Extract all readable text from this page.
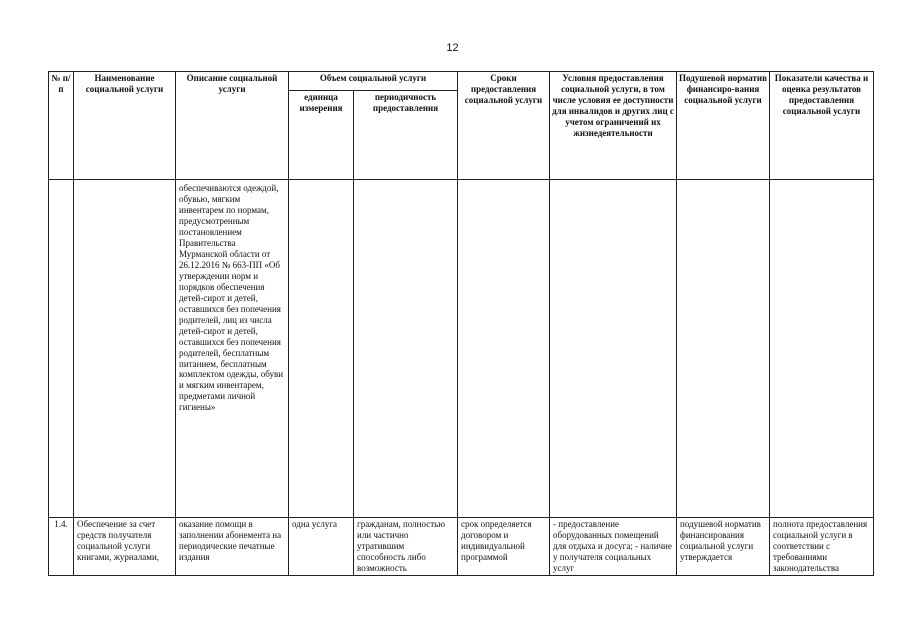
12
№ п/п	Наименование социальной услуги	Описание социальной услуги	Объем социальной услуги		Сроки предоставления социальной услуги	Условия предоставления социальной услуги, в том числе условия ее доступности для инвалидов и других лиц с учетом ограничений их жизнедеятельности	Подушевой норматив финансиро-вания социальной услуги	Показатели качества и оценка результатов предоставления социальной услуги
			единица измерения	периодичность предоставления				
		обеспечиваются одеждой, обувью, мягким инвентарем по нормам, предусмотренным постановлением Правительства Мурманской области от 26.12.2016 № 663-ПП «Об утверждении норм и порядков обеспечения детей-сирот и детей, оставшихся без попечения родителей, лиц из числа детей-сирот и детей, оставшихся без попечения родителей, бесплатным питанием, бесплатным комплектом одежды, обуви и мягким инвентарем, предметами личной гигиены»						
1.4.	Обеспечение за счет средств получателя социальной услуги книгами, журналами,	оказание помощи в заполнении абонемента на периодические печатные издания	одна услуга	гражданам, полностью или частично утратившим способность либо возможность	срок определяется договором и индивидуальной программой	- предоставление оборудованных помещений для отдыха и досуга; - наличие у получателя социальных услуг	подушевой норматив финансирования социальной услуги утверждается	полнота предоставления социальной услуги в соответствии с требованиями законодательства
